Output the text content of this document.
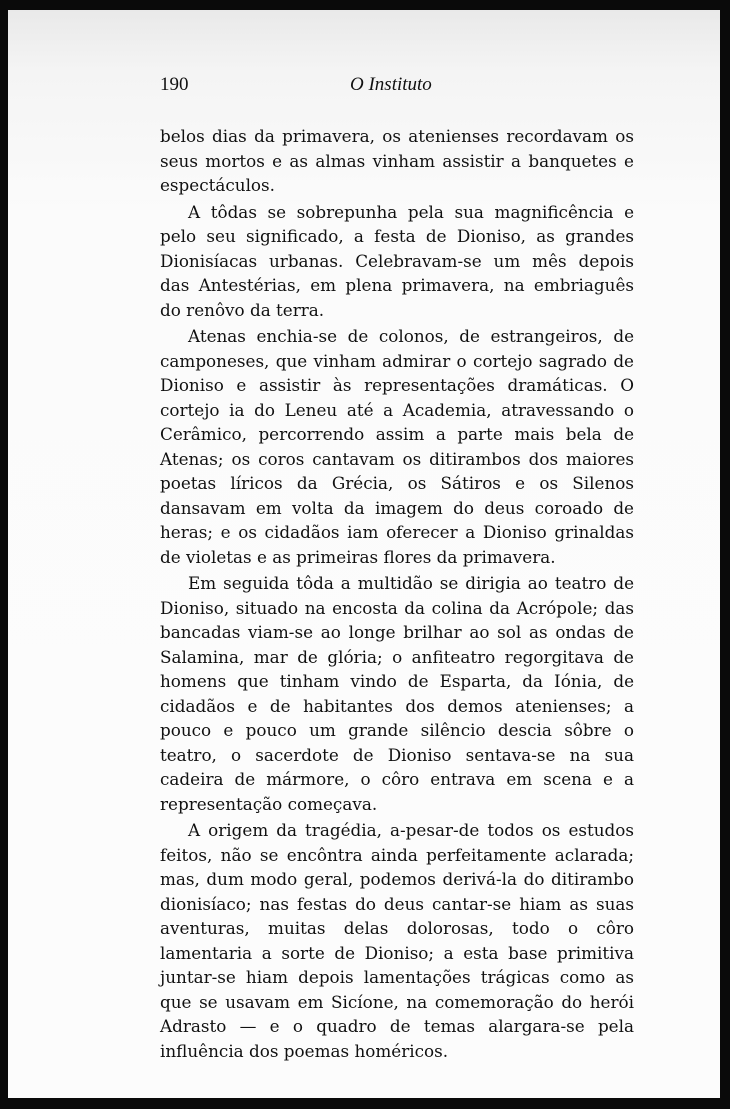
190	O Instituto

belos dias da primavera, os atenienses recordavam os seus mortos e as almas vinham assistir a banquetes e espectáculos.

A tôdas se sobrepunha pela sua magnificência e pelo seu significado, a festa de Dioniso, as grandes Dionisíacas urbanas. Celebravam-se um mês depois das Antestérias, em plena primavera, na embriaguês do renôvo da terra.

Atenas enchia-se de colonos, de estrangeiros, de camponeses, que vinham admirar o cortejo sagrado de Dioniso e assistir às representações dramáticas. O cortejo ia do Leneu até a Academia, atravessando o Cerâmico, percorrendo assim a parte mais bela de Atenas; os coros cantavam os ditirambos dos maiores poetas líricos da Grécia, os Sátiros e os Silenos dansavam em volta da imagem do deus coroado de heras; e os cidadãos iam oferecer a Dioniso grinaldas de violetas e as primeiras flores da primavera.

Em seguida tôda a multidão se dirigia ao teatro de Dioniso, situado na encosta da colina da Acrópole; das bancadas viam-se ao longe brilhar ao sol as ondas de Salamina, mar de glória; o anfiteatro regorgitava de homens que tinham vindo de Esparta, da Iónia, de cidadãos e de habitantes dos demos atenienses; a pouco e pouco um grande silêncio descia sôbre o teatro, o sacerdote de Dioniso sentava-se na sua cadeira de mármore, o côro entrava em scena e a representação começava.

A origem da tragédia, a-pesar-de todos os estudos feitos, não se encôntra ainda perfeitamente aclarada; mas, dum modo geral, podemos derivá-la do ditirambo dionisíaco; nas festas do deus cantar-se hiam as suas aventuras, muitas delas dolorosas, todo o côro lamentaria a sorte de Dioniso; a esta base primitiva juntar-se hiam depois lamentações trágicas como as que se usavam em Sicíone, na comemoração do herói Adrasto — e o quadro de temas alargara-se pela influência dos poemas homéricos.
